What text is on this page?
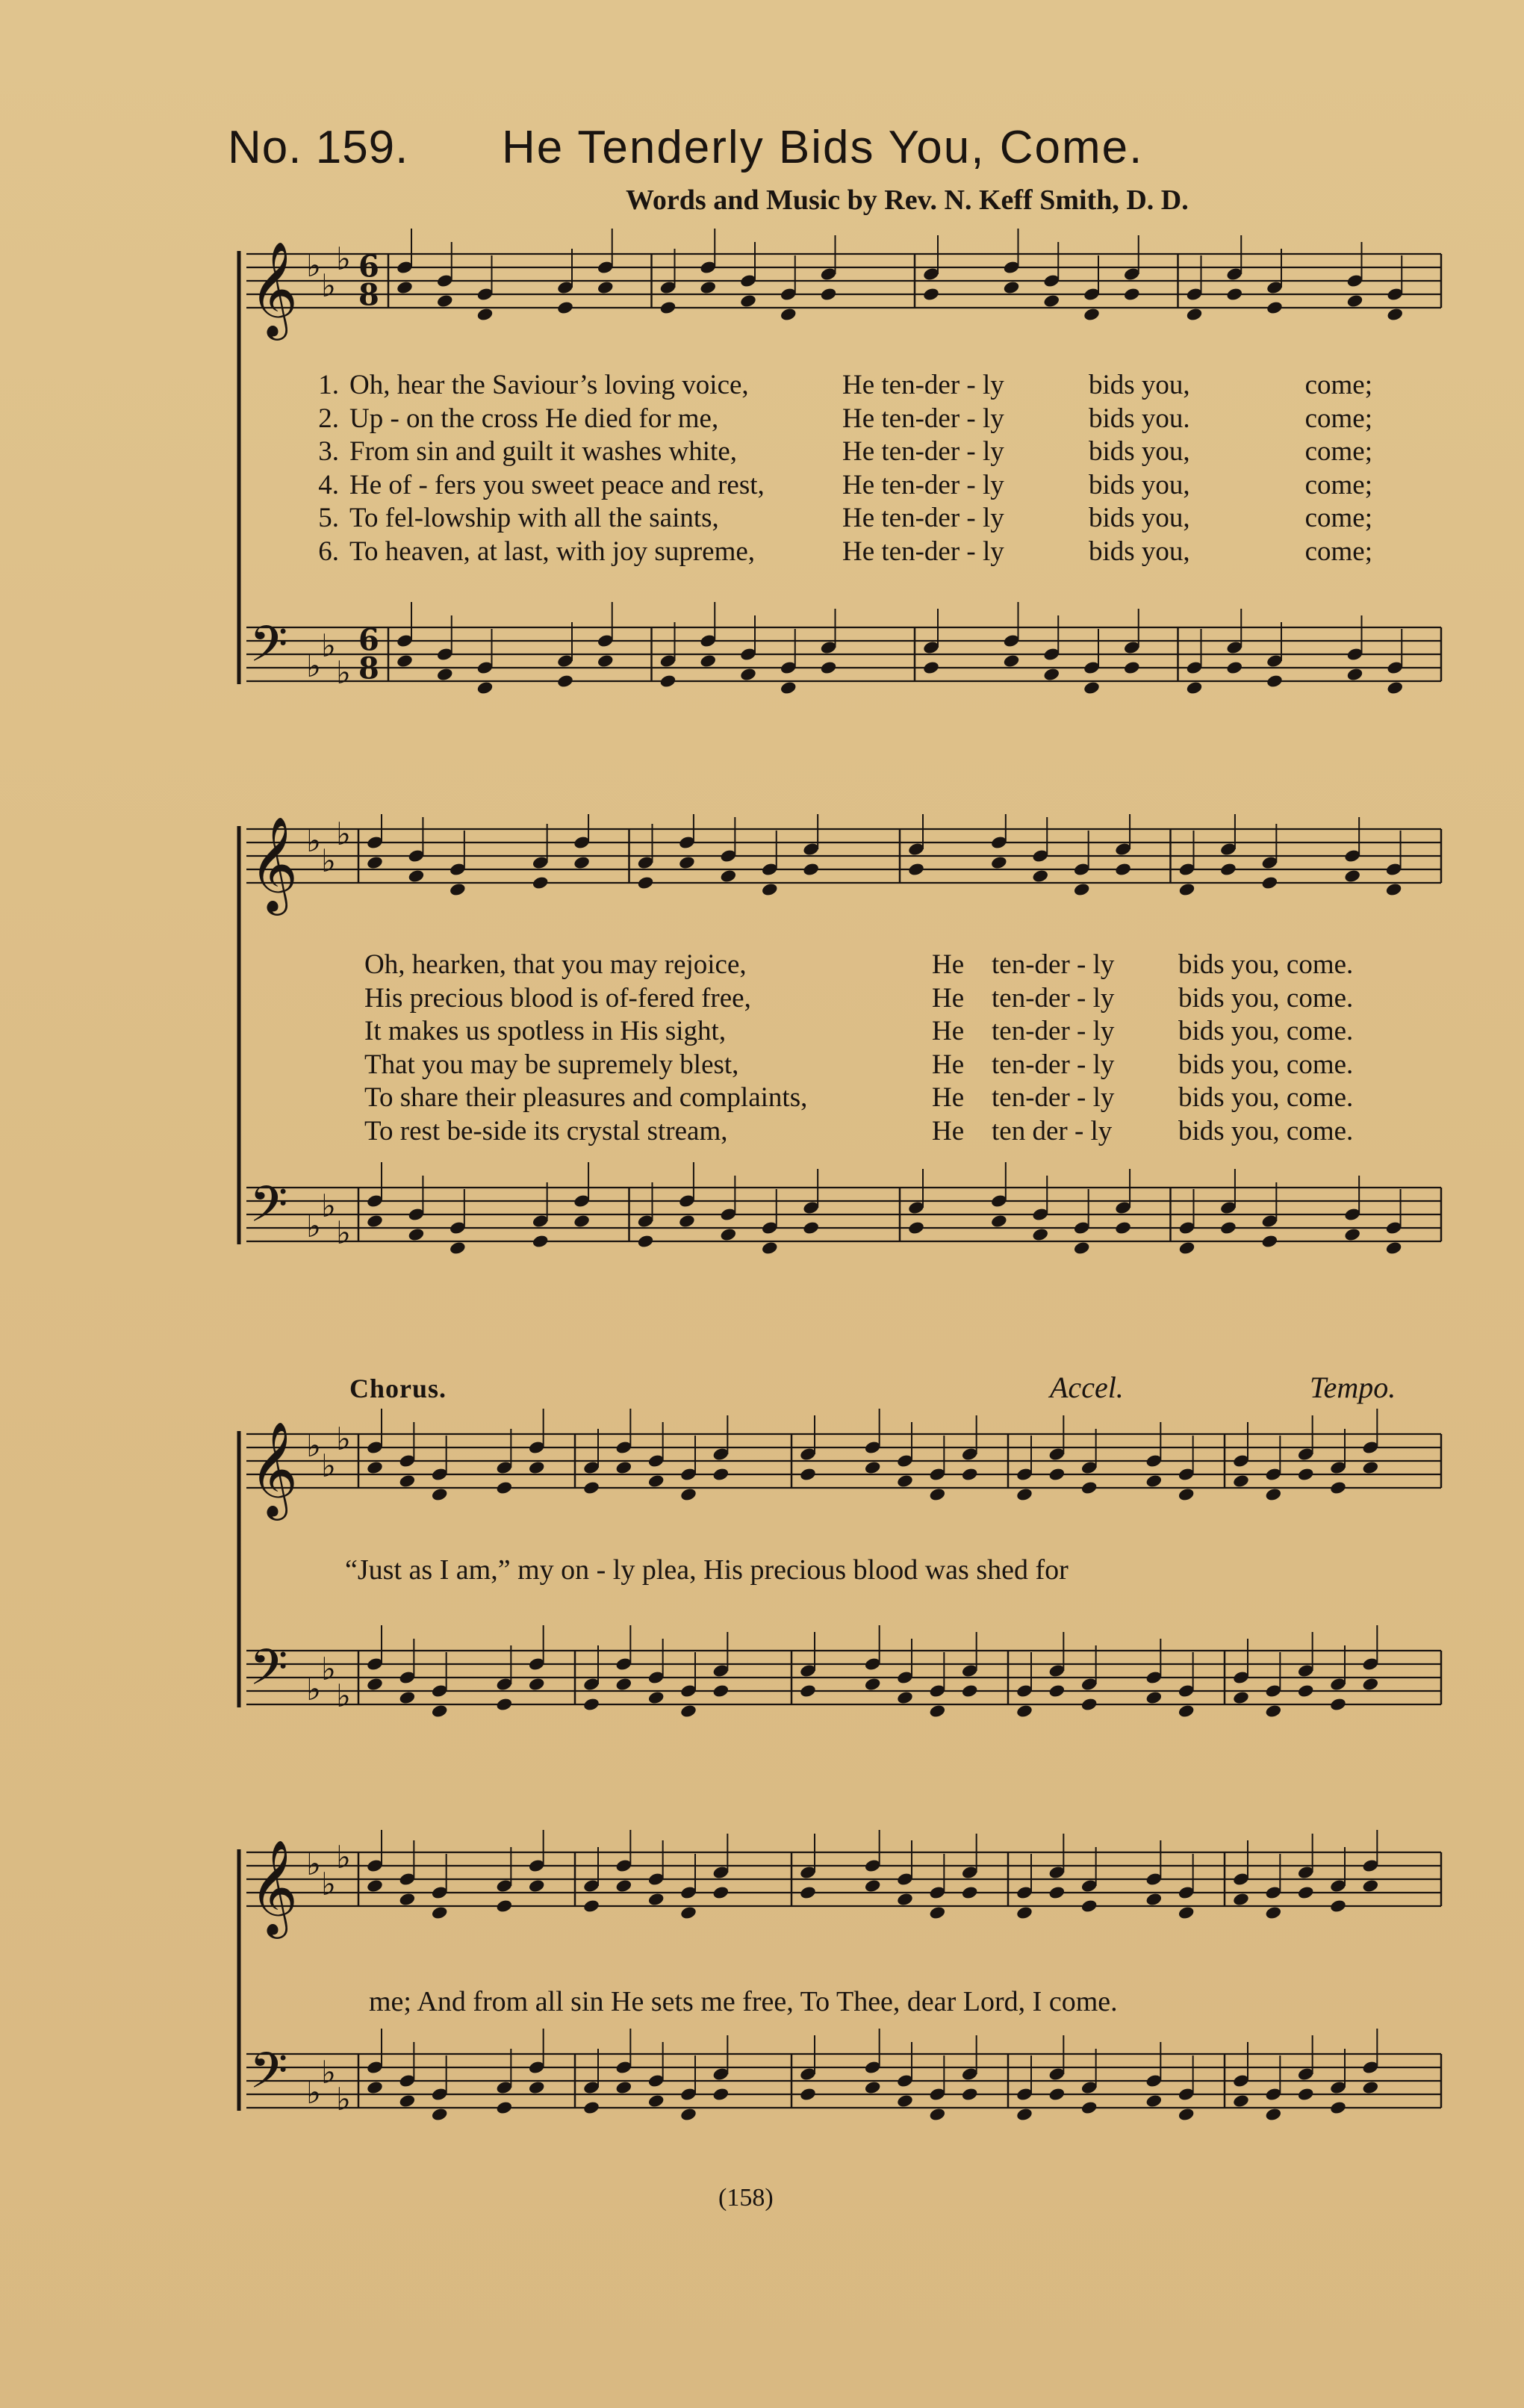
No. 159. He Tenderly Bids You, Come.
Words and Music by Rev. N. Keff Smith, D. D.
𝄞 ♭
♭
♭ 6
8
𝄢 ♭
♭
♭
6
8
1. Oh, hear the Saviour’s loving voice,	He ten-der - ly	bids you,	come;
2. Up - on the cross He died for me,	He ten-der - ly	bids you.	come;
3. From sin and guilt it washes white,	He ten-der - ly	bids you,	come;
4. He of - fers you sweet peace and rest,	He ten-der - ly	bids you,	come;
5. To fel-lowship with all the saints,	He ten-der - ly	bids you,	come;
6. To heaven, at last, with joy supreme,	He ten-der - ly	bids you,	come;
𝄞 ♭
♭
♭
𝄢 ♭
♭
♭
Oh, hearken, that you may rejoice,	He ten-der - ly	bids you, come.
His precious blood is of-fered free,	He ten-der - ly	bids you, come.
It makes us spotless in His sight,	He ten-der - ly	bids you, come.
That you may be supremely blest,	He ten-der - ly	bids you, come.
To share their pleasures and complaints,	He ten-der - ly	bids you, come.
To rest be-side its crystal stream,	He ten der - ly	bids you, come.
Chorus.	Accel.	Tempo.
𝄞 ♭
♭
♭
𝄢 ♭
♭
♭
“Just as I am,” my on - ly plea, His precious blood was shed for
𝄞 ♭
♭
♭
𝄢 ♭
♭
♭
me; And from all sin He sets me free, To Thee, dear Lord, I come.
(158)
